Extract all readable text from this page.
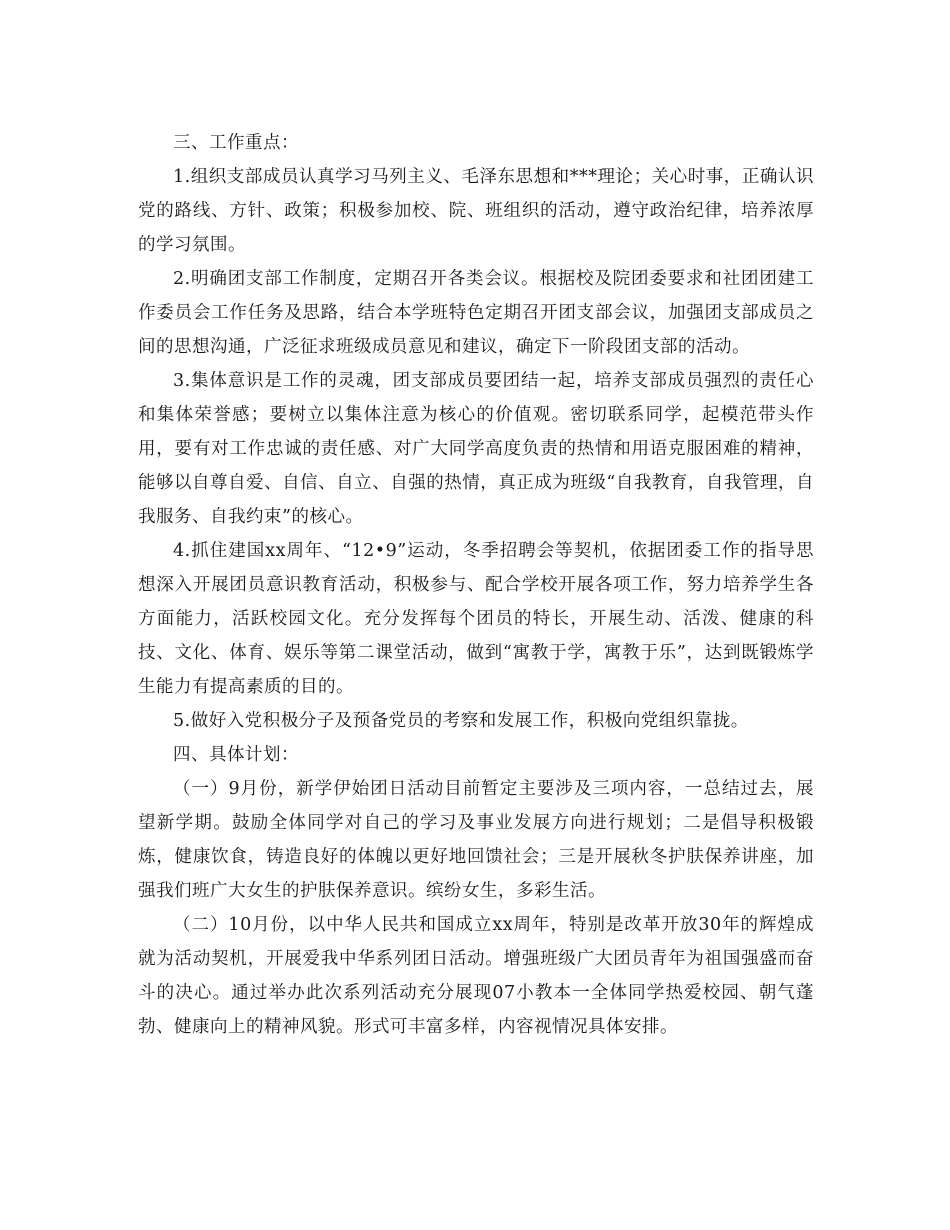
三、工作重点：

1.组织支部成员认真学习马列主义、毛泽东思想和***理论；关心时事，正确认识党的路线、方针、政策；积极参加校、院、班组织的活动，遵守政治纪律，培养浓厚的学习氛围。

2.明确团支部工作制度，定期召开各类会议。根据校及院团委要求和社团团建工作委员会工作任务及思路，结合本学班特色定期召开团支部会议，加强团支部成员之间的思想沟通，广泛征求班级成员意见和建议，确定下一阶段团支部的活动。

3.集体意识是工作的灵魂，团支部成员要团结一起，培养支部成员强烈的责任心和集体荣誉感；要树立以集体注意为核心的价值观。密切联系同学，起模范带头作用，要有对工作忠诚的责任感、对广大同学高度负责的热情和用语克服困难的精神，能够以自尊自爱、自信、自立、自强的热情，真正成为班级“自我教育，自我管理，自我服务、自我约束”的核心。

4.抓住建国xx周年、“12•9”运动，冬季招聘会等契机，依据团委工作的指导思想深入开展团员意识教育活动，积极参与、配合学校开展各项工作，努力培养学生各方面能力，活跃校园文化。充分发挥每个团员的特长，开展生动、活泼、健康的科技、文化、体育、娱乐等第二课堂活动，做到“寓教于学，寓教于乐”，达到既锻炼学生能力有提高素质的目的。

5.做好入党积极分子及预备党员的考察和发展工作，积极向党组织靠拢。

四、具体计划：

（一）9月份，新学伊始团日活动目前暂定主要涉及三项内容，一总结过去，展望新学期。鼓励全体同学对自己的学习及事业发展方向进行规划；二是倡导积极锻炼，健康饮食，铸造良好的体魄以更好地回馈社会；三是开展秋冬护肤保养讲座，加强我们班广大女生的护肤保养意识。缤纷女生，多彩生活。

（二）10月份，以中华人民共和国成立xx周年，特别是改革开放30年的辉煌成就为活动契机，开展爱我中华系列团日活动。增强班级广大团员青年为祖国强盛而奋斗的决心。通过举办此次系列活动充分展现07小教本一全体同学热爱校园、朝气蓬勃、健康向上的精神风貌。形式可丰富多样，内容视情况具体安排。
